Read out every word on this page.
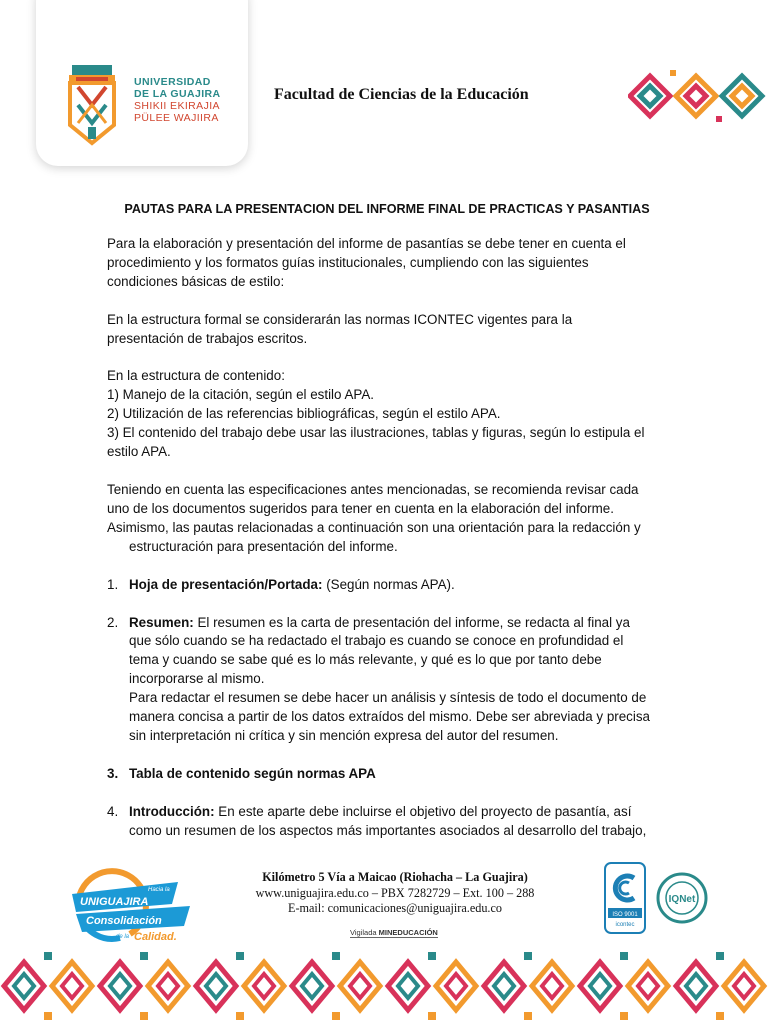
UNIVERSIDAD
DE LA GUAJIRA
SHIKII EKIRAJIA
PÜLEE WAJIIRA
Facultad de Ciencias de la Educación
PAUTAS PARA LA PRESENTACION DEL INFORME FINAL DE PRACTICAS Y PASANTIAS
Para la elaboración y presentación del informe de pasantías se debe tener en cuenta el
procedimiento y los formatos guías institucionales, cumpliendo con las siguientes
condiciones básicas de estilo:
En la estructura formal se considerarán las normas ICONTEC vigentes para la
presentación de trabajos escritos.
En la estructura de contenido:
1) Manejo de la citación, según el estilo APA.
2) Utilización de las referencias bibliográficas, según el estilo APA.
3) El contenido del trabajo debe usar las ilustraciones, tablas y figuras, según lo estipula el
estilo APA.
Teniendo en cuenta las especificaciones antes mencionadas, se recomienda revisar cada
uno de los documentos sugeridos para tener en cuenta en la elaboración del informe.
Asimismo, las pautas relacionadas a continuación son una orientación para la redacción y
estructuración para presentación del informe.
1. Hoja de presentación/Portada: (Según normas APA).
2. Resumen: El resumen es la carta de presentación del informe, se redacta al final ya
que sólo cuando se ha redactado el trabajo es cuando se conoce en profundidad el
tema y cuando se sabe qué es lo más relevante, y qué es lo que por tanto debe
incorporarse al mismo.
Para redactar el resumen se debe hacer un análisis y síntesis de todo el documento de
manera concisa a partir de los datos extraídos del mismo. Debe ser abreviada y precisa
sin interpretación ni crítica y sin mención expresa del autor del resumen.
3. Tabla de contenido según normas APA
4. Introducción: En este aparte debe incluirse el objetivo del proyecto de pasantía, así
como un resumen de los aspectos más importantes asociados al desarrollo del trabajo,
UNIGUAJIRA
Hacia la
Consolidación
de la Calidad.
Kilómetro 5 Vía a Maicao (Riohacha – La Guajira)
www.uniguajira.edu.co – PBX 7282729 – Ext. 100 – 288
E-mail: comunicaciones@uniguajira.edu.co
Vigilada MINEDUCACIÓN
ISO 9001
icontec
IQNet
